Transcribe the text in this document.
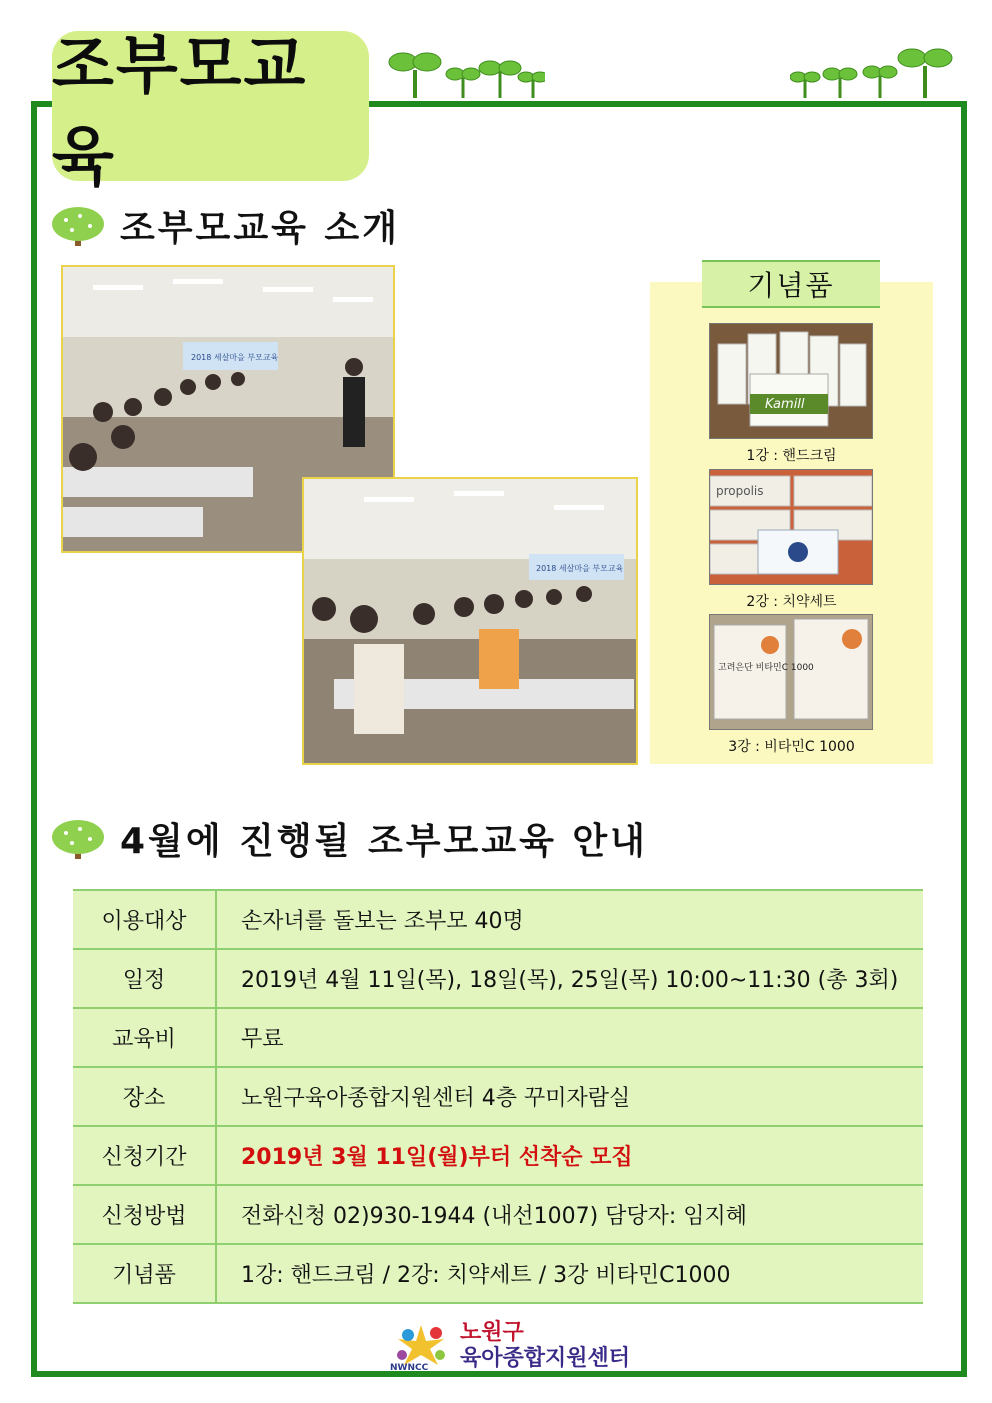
조부모교육
조부모교육 소개
2018 세살마을 부모교육
2018 세살마을 부모교육
기념품
Kamill
1강 : 핸드크림
propolis
2강 : 치약세트
고려은단 비타민C 1000
3강 : 비타민C 1000
4월에 진행될 조부모교육 안내
이용대상	손자녀를 돌보는 조부모 40명
일정	2019년 4월 11일(목), 18일(목), 25일(목) 10:00~11:30 (총 3회)
교육비	무료
장소	노원구육아종합지원센터 4층 꾸미자람실
신청기간	2019년 3월 11일(월)부터 선착순 모집
신청방법	전화신청 02)930-1944 (내선1007) 담당자: 임지혜
기념품	1강: 핸드크림 / 2강: 치약세트 / 3강 비타민C1000
NWNCC
노원구
육아종합지원센터
